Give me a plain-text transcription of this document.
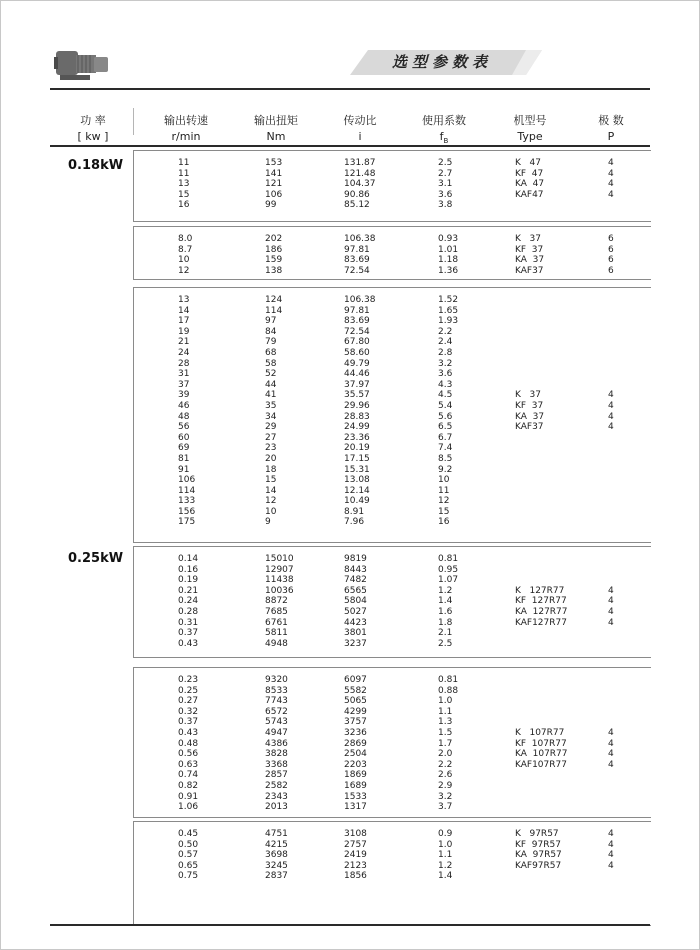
选型参数表
功 率
[ kw ]
输出转速
r/min
输出扭矩
Nm
传动比
i
使用系数
$f_B$
机型号
Type
极 数
P
0.18kW	11
11
13
15
16
153
141
121
106
99
131.87
121.48
104.37
90.86
85.12
2.5
2.7
3.1
3.6
3.8
K   47
KF  47
KA  47
KAF47
4
4
4
4
8.0
8.7
10
12
202
186
159
138
106.38
97.81
83.69
72.54
0.93
1.01
1.18
1.36
K   37
KF  37
KA  37
KAF37
6
6
6
6
13
14
17
19
21
24
28
31
37
39
46
48
56
60
69
81
91
106
114
133
156
175
124
114
97
84
79
68
58
52
44
41
35
34
29
27
23
20
18
15
14
12
10
9
106.38
97.81
83.69
72.54
67.80
58.60
49.79
44.46
37.97
35.57
29.96
28.83
24.99
23.36
20.19
17.15
15.31
13.08
12.14
10.49
8.91
7.96
1.52
1.65
1.93
2.2
2.4
2.8
3.2
3.6
4.3
4.5
5.4
5.6
6.5
6.7
7.4
8.5
9.2
10
11
12
15
16
K   37
KF  37
KA  37
KAF37
4
4
4
4
0.25kW	0.14
0.16
0.19
0.21
0.24
0.28
0.31
0.37
0.43
15010
12907
11438
10036
8872
7685
6761
5811
4948
9819
8443
7482
6565
5804
5027
4423
3801
3237
0.81
0.95
1.07
1.2
1.4
1.6
1.8
2.1
2.5
K   127R77
KF  127R77
KA  127R77
KAF127R77
4
4
4
4
0.23
0.25
0.27
0.32
0.37
0.43
0.48
0.56
0.63
0.74
0.82
0.91
1.06
9320
8533
7743
6572
5743
4947
4386
3828
3368
2857
2582
2343
2013
6097
5582
5065
4299
3757
3236
2869
2504
2203
1869
1689
1533
1317
0.81
0.88
1.0
1.1
1.3
1.5
1.7
2.0
2.2
2.6
2.9
3.2
3.7
K   107R77
KF  107R77
KA  107R77
KAF107R77
4
4
4
4
0.45
0.50
0.57
0.65
0.75
4751
4215
3698
3245
2837
3108
2757
2419
2123
1856
0.9
1.0
1.1
1.2
1.4
K   97R57
KF  97R57
KA  97R57
KAF97R57
4
4
4
4
